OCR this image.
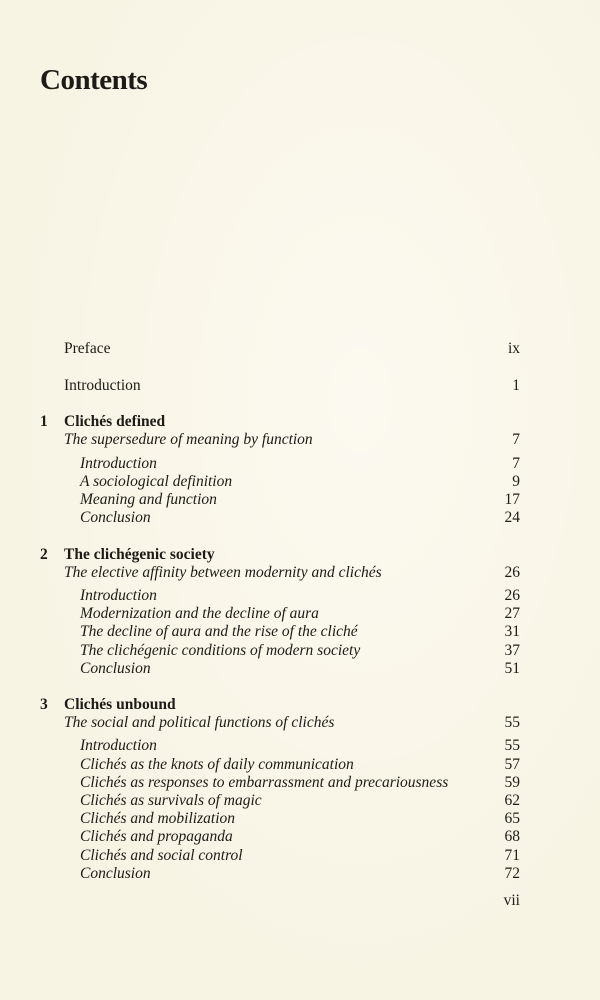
Contents
Preface	ix
Introduction	1
1 Clichés defined
The supersedure of meaning by function	7
Introduction	7
A sociological definition	9
Meaning and function	17
Conclusion	24
2 The clichégenic society
The elective affinity between modernity and clichés	26
Introduction	26
Modernization and the decline of aura	27
The decline of aura and the rise of the cliché	31
The clichégenic conditions of modern society	37
Conclusion	51
3 Clichés unbound
The social and political functions of clichés	55
Introduction	55
Clichés as the knots of daily communication	57
Clichés as responses to embarrassment and precariousness	59
Clichés as survivals of magic	62
Clichés and mobilization	65
Clichés and propaganda	68
Clichés and social control	71
Conclusion	72
vii
